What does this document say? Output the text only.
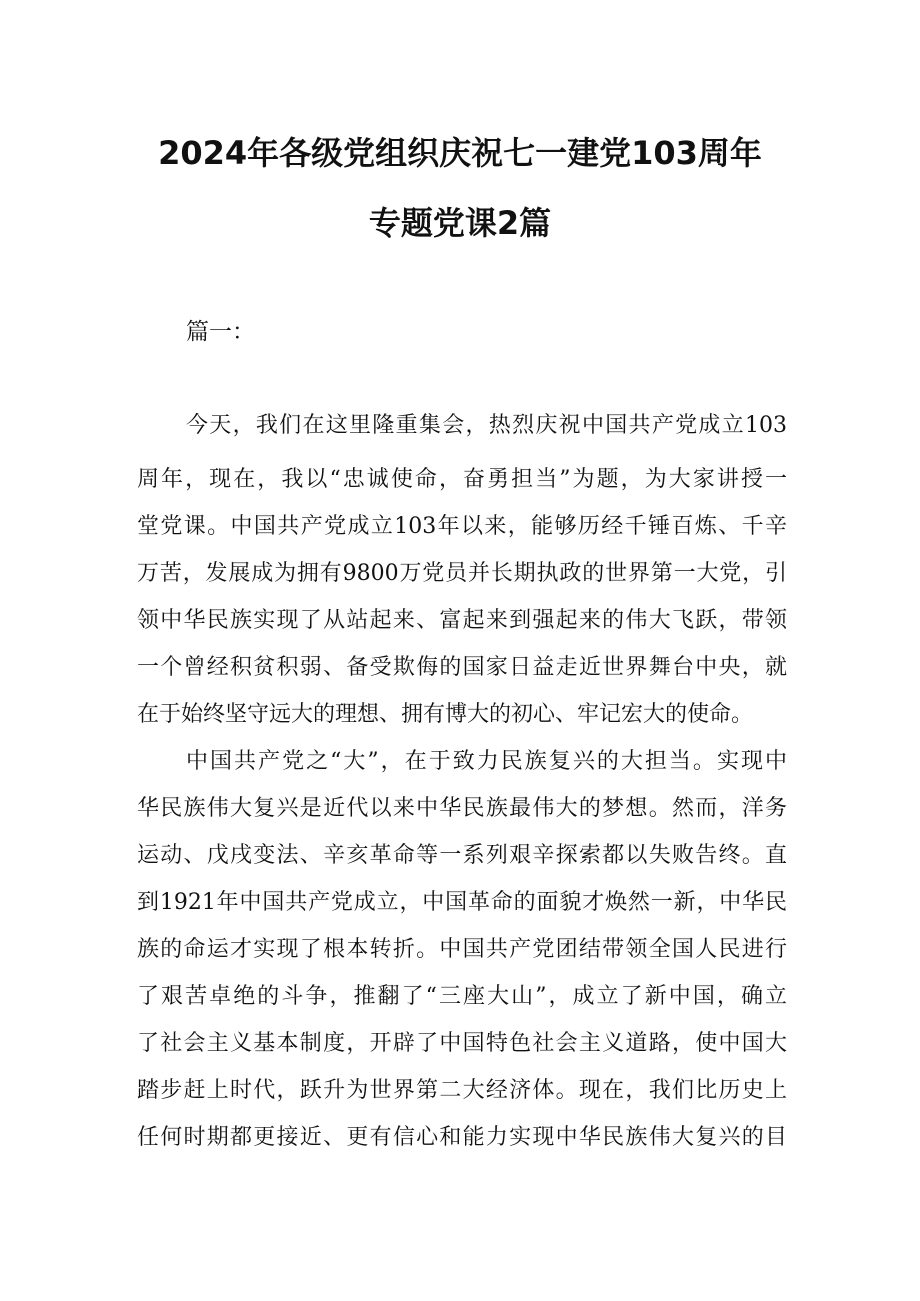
2024年各级党组织庆祝七一建党103周年
专题党课2篇
篇一：
今天，我们在这里隆重集会，热烈庆祝中国共产党成立103
周年，现在，我以“忠诚使命，奋勇担当”为题，为大家讲授一
堂党课。中国共产党成立103年以来，能够历经千锤百炼、千辛
万苦，发展成为拥有9800万党员并长期执政的世界第一大党，引
领中华民族实现了从站起来、富起来到强起来的伟大飞跃，带领
一个曾经积贫积弱、备受欺侮的国家日益走近世界舞台中央，就
在于始终坚守远大的理想、拥有博大的初心、牢记宏大的使命。
中国共产党之“大”，在于致力民族复兴的大担当。实现中
华民族伟大复兴是近代以来中华民族最伟大的梦想。然而，洋务
运动、戊戌变法、辛亥革命等一系列艰辛探索都以失败告终。直
到1921年中国共产党成立，中国革命的面貌才焕然一新，中华民
族的命运才实现了根本转折。中国共产党团结带领全国人民进行
了艰苦卓绝的斗争，推翻了“三座大山”，成立了新中国，确立
了社会主义基本制度，开辟了中国特色社会主义道路，使中国大
踏步赶上时代，跃升为世界第二大经济体。现在，我们比历史上
任何时期都更接近、更有信心和能力实现中华民族伟大复兴的目
